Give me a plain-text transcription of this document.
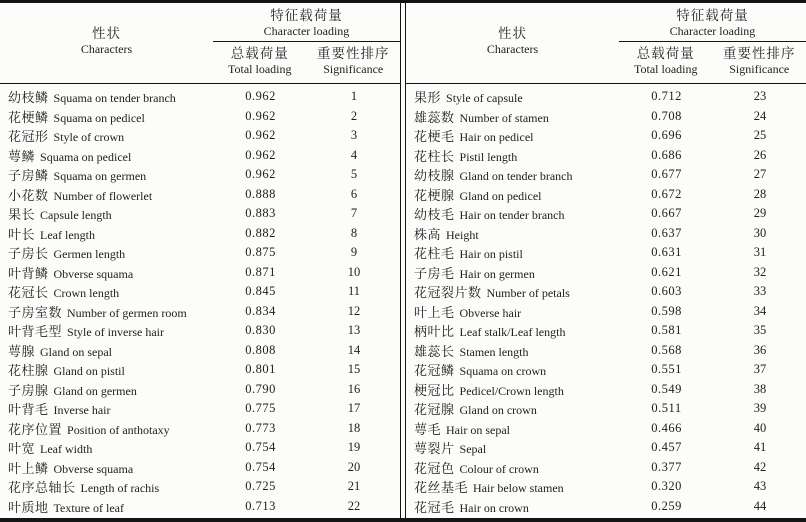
性状
Characters
特征载荷量
Character loading
总载荷量
Total loading
重要性排序
Significance
幼枝鳞 Squama on tender branch	0.962	1
花梗鳞 Squama on pedicel	0.962	2
花冠形 Style of crown	0.962	3
萼鳞 Squama on pedicel	0.962	4
子房鳞 Squama on germen	0.962	5
小花数 Number of flowerlet	0.888	6
果长 Capsule length	0.883	7
叶长 Leaf length	0.882	8
子房长 Germen length	0.875	9
叶背鳞 Obverse squama	0.871	10
花冠长 Crown length	0.845	11
子房室数 Number of germen room	0.834	12
叶背毛型 Style of inverse hair	0.830	13
萼腺 Gland on sepal	0.808	14
花柱腺 Gland on pistil	0.801	15
子房腺 Gland on germen	0.790	16
叶背毛 Inverse hair	0.775	17
花序位置 Position of anthotaxy	0.773	18
叶宽 Leaf width	0.754	19
叶上鳞 Obverse squama	0.754	20
花序总轴长 Length of rachis	0.725	21
叶质地 Texture of leaf	0.713	22
性状
Characters
特征载荷量
Character loading
总载荷量
Total loading
重要性排序
Significance
果形 Style of capsule	0.712	23
雄蕊数 Number of stamen	0.708	24
花梗毛 Hair on pedicel	0.696	25
花柱长 Pistil length	0.686	26
幼枝腺 Gland on tender branch	0.677	27
花梗腺 Gland on pedicel	0.672	28
幼枝毛 Hair on tender branch	0.667	29
株高 Height	0.637	30
花柱毛 Hair on pistil	0.631	31
子房毛 Hair on germen	0.621	32
花冠裂片数 Number of petals	0.603	33
叶上毛 Obverse hair	0.598	34
柄叶比 Leaf stalk/Leaf length	0.581	35
雄蕊长 Stamen length	0.568	36
花冠鳞 Squama on crown	0.551	37
梗冠比 Pedicel/Crown length	0.549	38
花冠腺 Gland on crown	0.511	39
萼毛 Hair on sepal	0.466	40
萼裂片 Sepal	0.457	41
花冠色 Colour of crown	0.377	42
花丝基毛 Hair below stamen	0.320	43
花冠毛 Hair on crown	0.259	44
